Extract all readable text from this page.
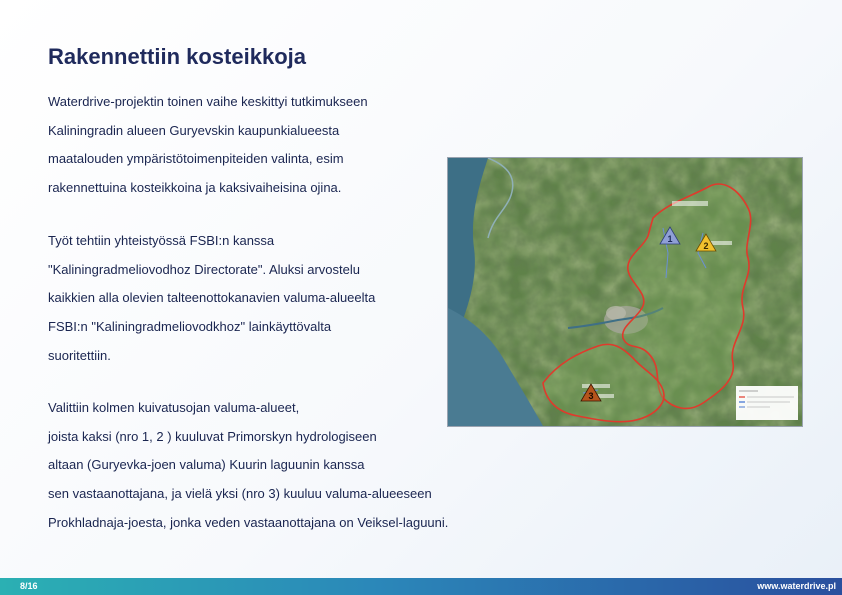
Rakennettiin kosteikkoja
Waterdrive-projektin toinen vaihe keskittyi tutkimukseen
Kaliningradin alueen Guryevskin kaupunkialueesta
maatalouden ympäristötoimenpiteiden valinta, esim
rakennettuina kosteikkoina ja kaksivaiheisina ojina.
Työt tehtiin yhteistyössä FSBI:n kanssa
"Kaliningradmeliovodhoz Directorate". Aluksi arvostelu
kaikkien alla olevien talteenottokanavien valuma-alueelta
FSBI:n "Kaliningradmeliovodkhoz" lainkäyttövalta
suoritettiin.
Valittiin kolmen kuivatusojan valuma-alueet,
joista kaksi (nro 1, 2 ) kuuluvat Primorskyn hydrologiseen
altaan (Guryevka-joen valuma) Kuurin laguunin kanssa
sen vastaanottajana, ja vielä yksi (nro 3) kuuluu valuma-alueeseen
Prokhladnaja-joesta, jonka veden vastaanottajana on Veiksel-laguuni.
1
2
3
8/16	www.waterdrive.pl
